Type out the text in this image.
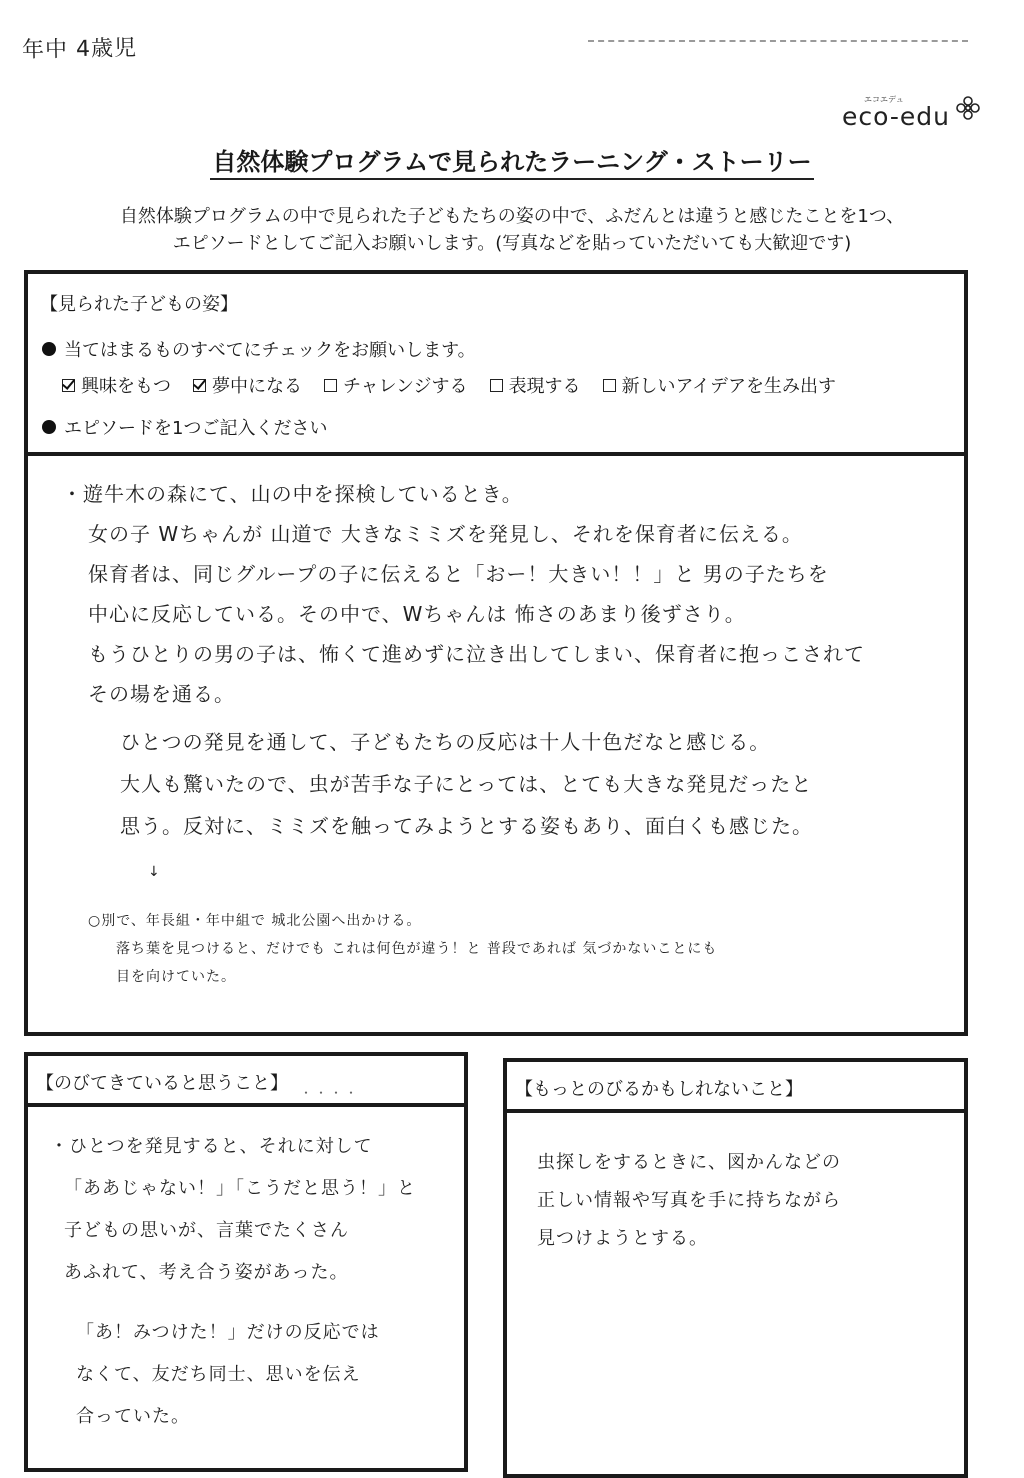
年中 4歳児
エコエデュ
eco-edu
自然体験プログラムで見られたラーニング・ストーリー
自然体験プログラムの中で見られた子どもたちの姿の中で、ふだんとは違うと感じたことを1つ、
エピソードとしてご記入お願いします。(写真などを貼っていただいても大歓迎です)
【見られた子どもの姿】
当てはまるものすべてにチェックをお願いします。
興味をもつ 夢中になる チャレンジする 表現する 新しいアイデアを生み出す
エピソードを1つご記入ください
・遊牛木の森にて、山の中を探検しているとき。
女の子 Wちゃんが 山道で 大きなミミズを発見し、それを保育者に伝える。
保育者は、同じグループの子に伝えると「おー！大きい！！」と 男の子たちを
中心に反応している。その中で、Wちゃんは 怖さのあまり後ずさり。
もうひとりの男の子は、怖くて進めずに泣き出してしまい、保育者に抱っこされて
その場を通る。
ひとつの発見を通して、子どもたちの反応は十人十色だなと感じる。
大人も驚いたので、虫が苦手な子にとっては、とても大きな発見だったと
思う。反対に、ミミズを触ってみようとする姿もあり、面白くも感じた。
↓
○別で、年長組・年中組で 城北公園へ出かける。
落ち葉を見つけると、だけでも これは何色が違う！と 普段であれば 気づかないことにも
目を向けていた。
【のびてきていると思うこと】 ・・・・
・ひとつを発見すると、それに対して
「ああじゃない！」「こうだと思う！」と
子どもの思いが、言葉でたくさん
あふれて、考え合う姿があった。
「あ！みつけた！」だけの反応では
なくて、友だち同士、思いを伝え
合っていた。
【もっとのびるかもしれないこと】
虫探しをするときに、図かんなどの
正しい情報や写真を手に持ちながら
見つけようとする。
